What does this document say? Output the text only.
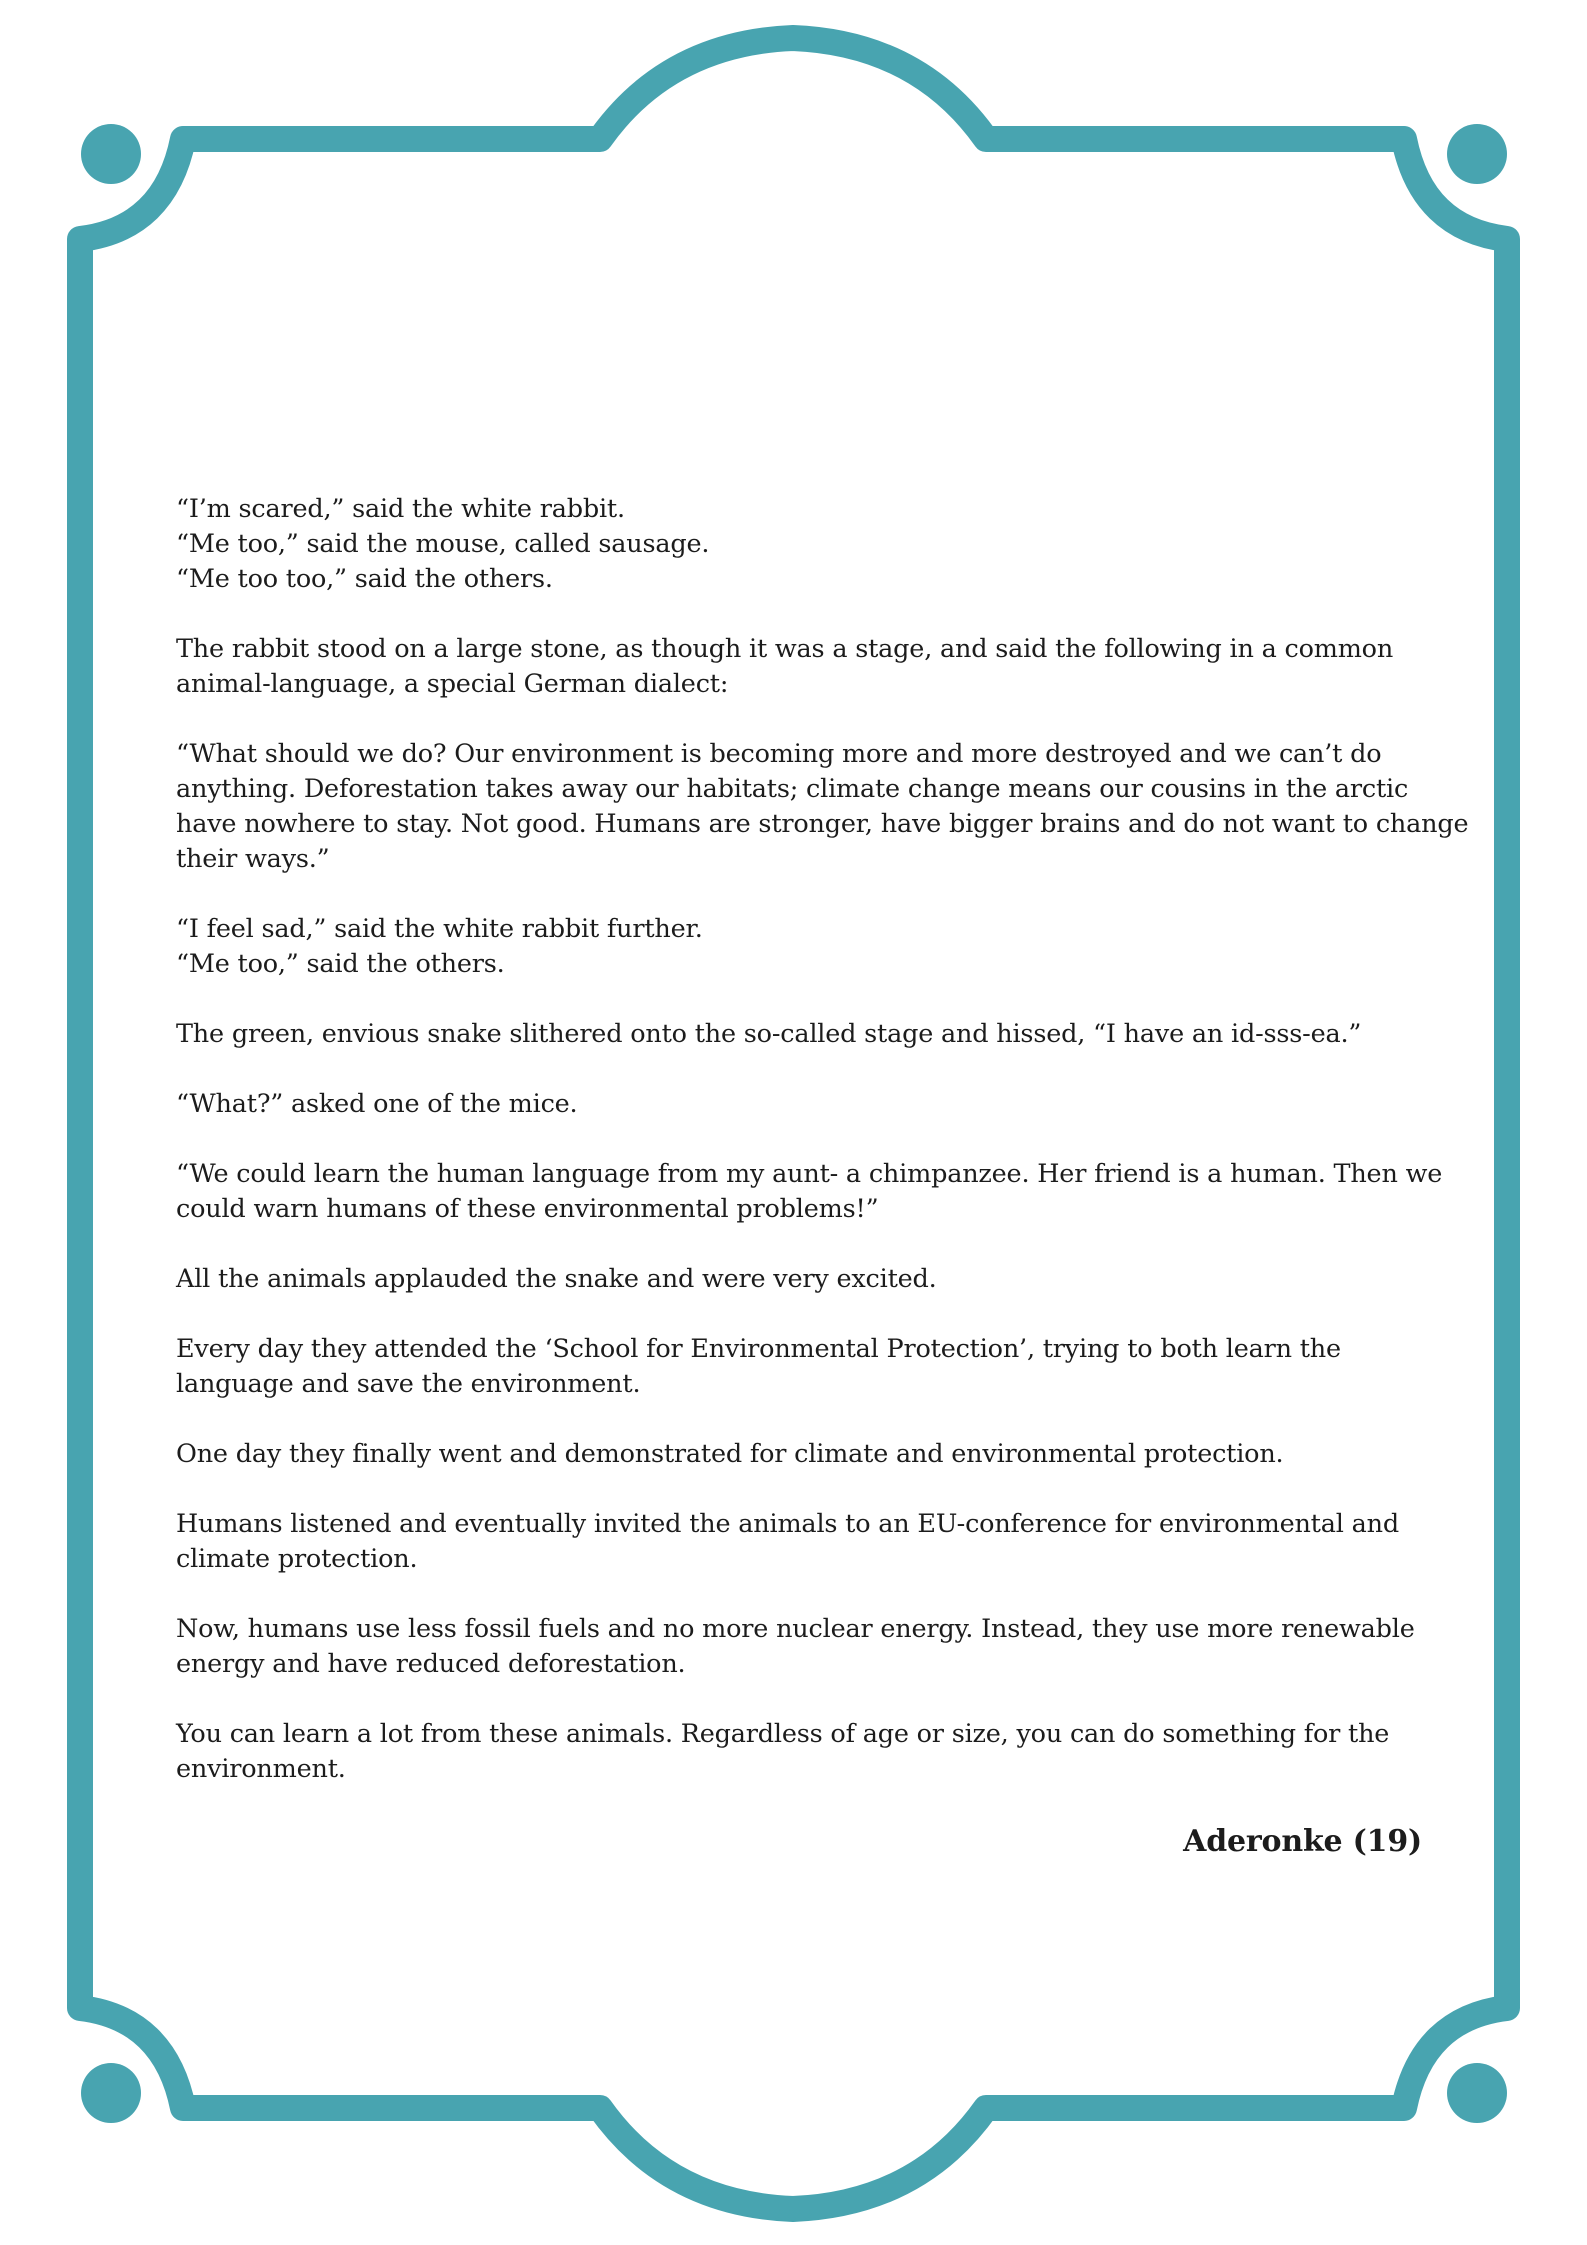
“I’m scared,” said the white rabbit.
“Me too,” said the mouse, called sausage.
“Me too too,” said the others.
The rabbit stood on a large stone, as though it was a stage, and said the following in a common
animal-language, a special German dialect:
“What should we do? Our environment is becoming more and more destroyed and we can’t do
anything. Deforestation takes away our habitats; climate change means our cousins in the arctic
have nowhere to stay. Not good. Humans are stronger, have bigger brains and do not want to change
their ways.”
“I feel sad,” said the white rabbit further.
“Me too,” said the others.
The green, envious snake slithered onto the so-called stage and hissed, “I have an id-sss-ea.”
“What?” asked one of the mice.
“We could learn the human language from my aunt- a chimpanzee. Her friend is a human. Then we
could warn humans of these environmental problems!”
All the animals applauded the snake and were very excited.
Every day they attended the ‘School for Environmental Protection’, trying to both learn the
language and save the environment.
One day they finally went and demonstrated for climate and environmental protection.
Humans listened and eventually invited the animals to an EU-conference for environmental and
climate protection.
Now, humans use less fossil fuels and no more nuclear energy. Instead, they use more renewable
energy and have reduced deforestation.
You can learn a lot from these animals. Regardless of age or size, you can do something for the
environment.
Aderonke (19)
